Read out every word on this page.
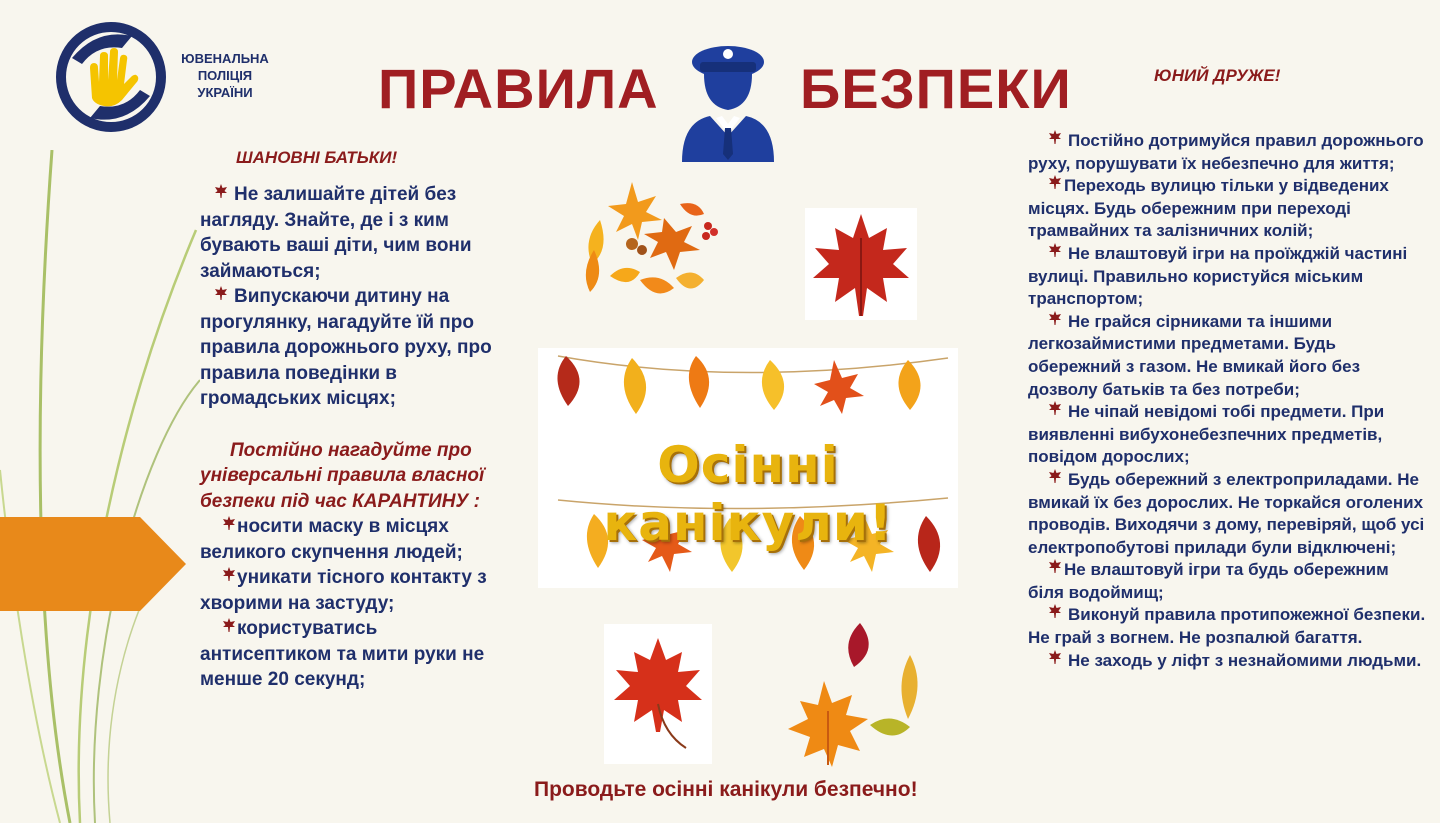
ЮВЕНАЛЬНА
ПОЛІЦІЯ
УКРАЇНИ	ПРАВИЛА	БЕЗПЕКИ	ЮНИЙ ДРУЖЕ!
ШАНОВНІ БАТЬКИ!

Не залишайте дітей без нагляду. Знайте, де і з ким бувають ваші діти, чим вони займаються;

Випускаючи дитину на прогулянку, нагадуйте їй про правила дорожнього руху, про правила поведінки в громадських місцях;

Постійно нагадуйте про універсальні правила власної безпеки під час КАРАНТИНУ :

носити маску в місцях великого скупчення людей;

уникати тісного контакту з хворими на застуду;

користуватись антисептиком та мити руки не менше 20 секунд;

Постійно дотримуйся правил дорожнього руху, порушувати їх небезпечно для життя;

Переходь вулицю тільки у відведених місцях. Будь обережним при переході трамвайних та залізничних колій;

Не влаштовуй ігри на проїжджій частині вулиці. Правильно користуйся міським транспортом;

Не грайся сірниками та іншими легкозаймистими предметами. Будь обережний з газом. Не вмикай його без дозволу батьків та без потреби;

Не чіпай невідомі тобі предмети. При виявленні вибухонебезпечних предметів, повідом дорослих;

Будь обережний з електроприладами. Не вмикай їх без дорослих. Не торкайся оголених проводів. Виходячи з дому, перевіряй, щоб усі електропобутові прилади були відключені;

Не влаштовуй ігри та будь обережним біля водоймищ;

Виконуй правила протипожежної безпеки. Не грай з вогнем. Не розпалюй багаття.

Не заходь у ліфт з незнайомими людьми.

Осінні канікули!
Проводьте осінні канікули безпечно!
